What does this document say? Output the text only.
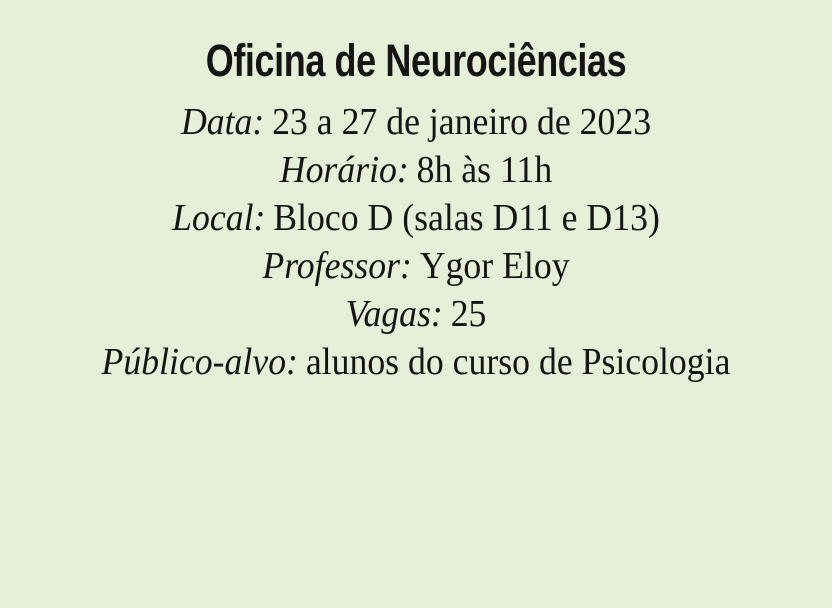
Oficina de Neurociências
Data: 23 a 27 de janeiro de 2023
Horário: 8h às 11h
Local: Bloco D (salas D11 e D13)
Professor: Ygor Eloy
Vagas: 25
Público-alvo: alunos do curso de Psicologia
